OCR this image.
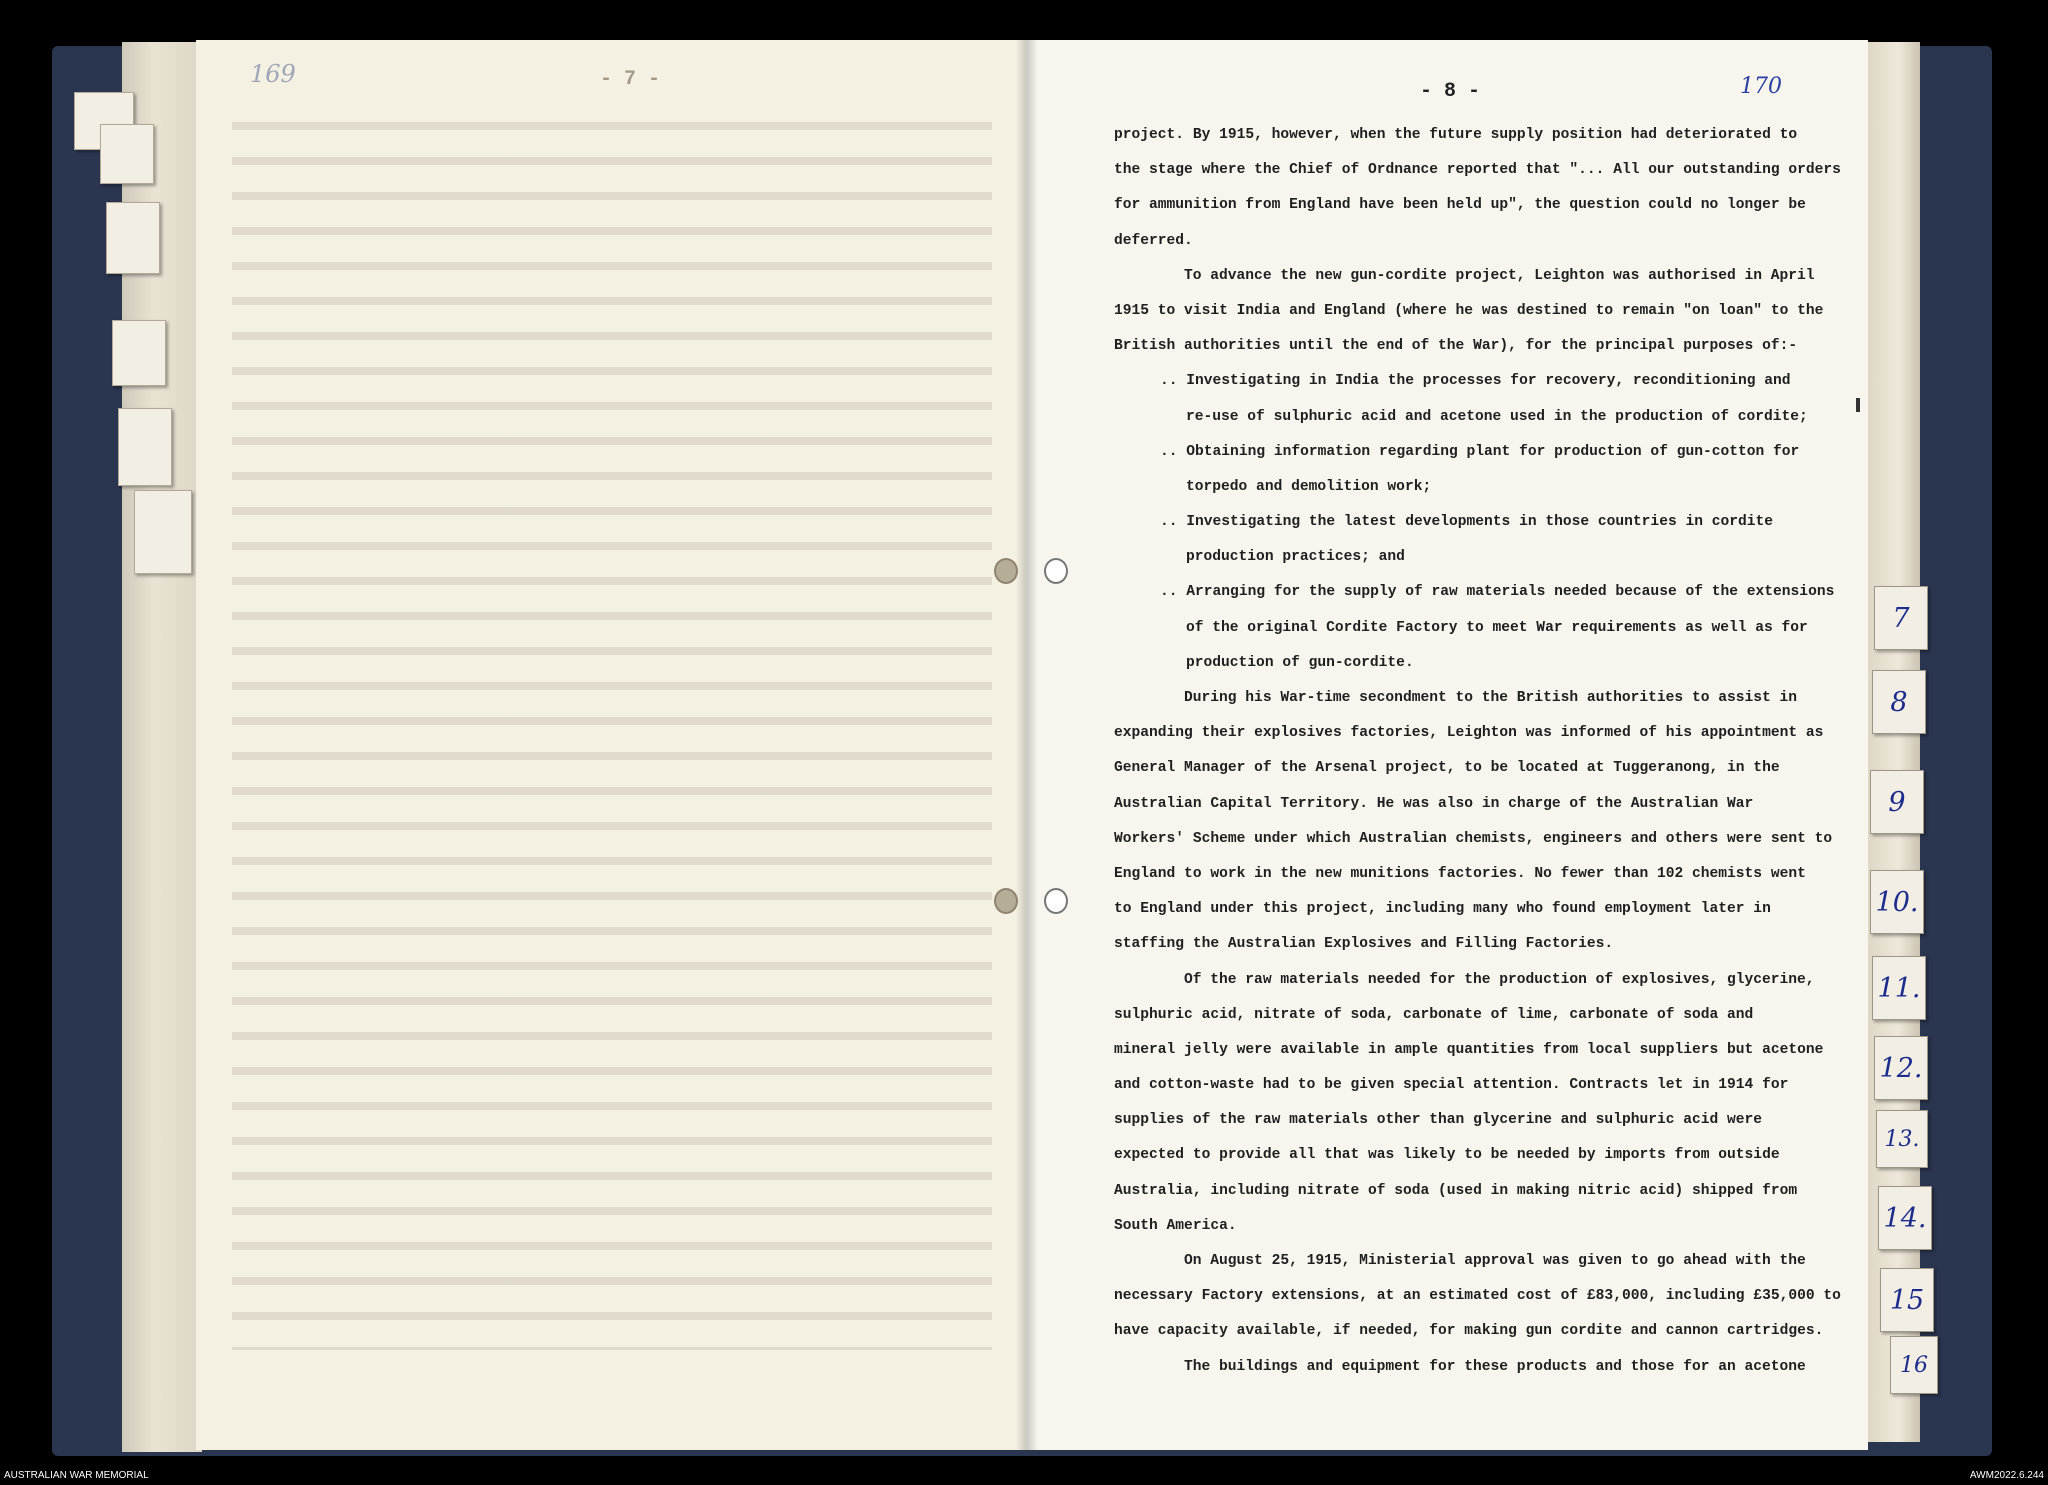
169	- 7 -
- 8 -	170
project. By 1915, however, when the future supply position had deteriorated to
the stage where the Chief of Ordnance reported that "... All our outstanding orders
for ammunition from England have been held up", the question could no longer be
deferred.
To advance the new gun-cordite project, Leighton was authorised in April
1915 to visit India and England (where he was destined to remain "on loan" to the
British authorities until the end of the War), for the principal purposes of:-
.. Investigating in India the processes for recovery, reconditioning and
re-use of sulphuric acid and acetone used in the production of cordite;
.. Obtaining information regarding plant for production of gun-cotton for
torpedo and demolition work;
.. Investigating the latest developments in those countries in cordite
production practices; and
.. Arranging for the supply of raw materials needed because of the extensions
of the original Cordite Factory to meet War requirements as well as for
production of gun-cordite.
During his War-time secondment to the British authorities to assist in
expanding their explosives factories, Leighton was informed of his appointment as
General Manager of the Arsenal project, to be located at Tuggeranong, in the
Australian Capital Territory. He was also in charge of the Australian War
Workers' Scheme under which Australian chemists, engineers and others were sent to
England to work in the new munitions factories. No fewer than 102 chemists went
to England under this project, including many who found employment later in
staffing the Australian Explosives and Filling Factories.
Of the raw materials needed for the production of explosives, glycerine,
sulphuric acid, nitrate of soda, carbonate of lime, carbonate of soda and
mineral jelly were available in ample quantities from local suppliers but acetone
and cotton-waste had to be given special attention. Contracts let in 1914 for
supplies of the raw materials other than glycerine and sulphuric acid were
expected to provide all that was likely to be needed by imports from outside
Australia, including nitrate of soda (used in making nitric acid) shipped from
South America.
On August 25, 1915, Ministerial approval was given to go ahead with the
necessary Factory extensions, at an estimated cost of £83,000, including £35,000 to
have capacity available, if needed, for making gun cordite and cannon cartridges.
The buildings and equipment for these products and those for an acetone
7
8
9
10.
11.
12.
13.
14.
15
16
AUSTRALIAN WAR MEMORIAL	AWM2022.6.244
